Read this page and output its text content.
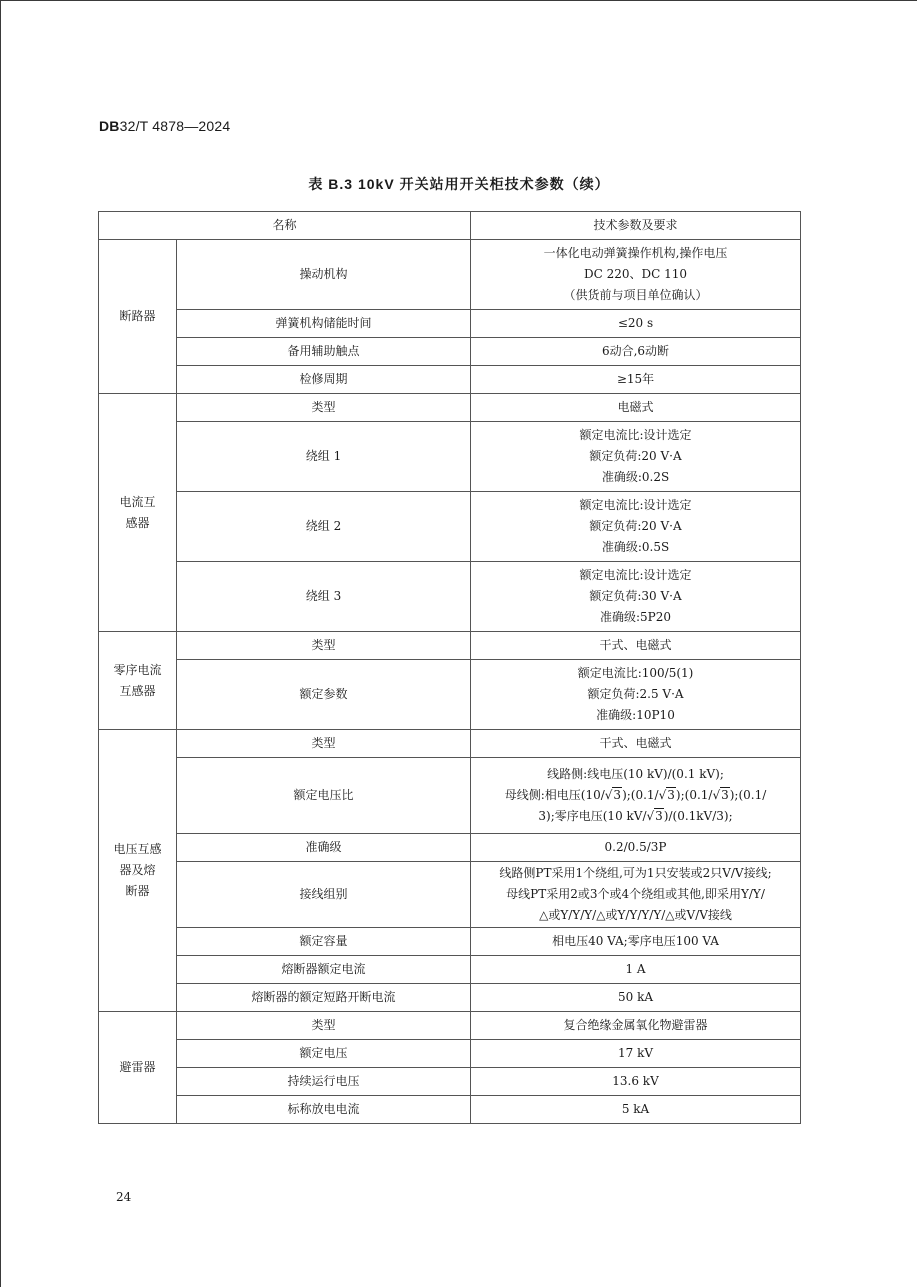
DB32/T 4878—2024
表 B.3 10kV 开关站用开关柜技术参数（续）
名称		技术参数及要求
断路器	操动机构	一体化电动弹簧操作机构,操作电压
DC 220、DC 110
（供货前与项目单位确认）

	弹簧机构储能时间	≤20 s
	备用辅助触点	6动合,6动断
	检修周期	≥15年

电流互
感器	类型	电磁式
	绕组 1	额定电流比:设计选定
额定负荷:20 V·A
准确级:0.2S

	绕组 2	额定电流比:设计选定
额定负荷:20 V·A
准确级:0.5S

	绕组 3	额定电流比:设计选定
额定负荷:30 V·A
准确级:5P20

零序电流
互感器	类型	干式、电磁式
	额定参数	额定电流比:100/5(1)
额定负荷:2.5 V·A
准确级:10P10

电压互感
器及熔
断器	类型	干式、电磁式
	额定电压比	线路侧:线电压(10 kV)/(0.1 kV);
母线侧:相电压(10/√3);(0.1/√3);(0.1/√3);(0.1/
3);零序电压(10 kV/√3)/(0.1kV/3);

	准确级	0.2/0.5/3P
	接线组别	线路侧PT采用1个绕组,可为1只安装或2只V/V接线;
母线PT采用2或3个或4个绕组或其他,即采用Y/Y/
△或Y/Y/Y/△或Y/Y/Y/Y/△或V/V接线

	额定容量	相电压40 VA;零序电压100 VA
	熔断器额定电流	1 A
	熔断器的额定短路开断电流	50 kA
避雷器	类型	复合绝缘金属氧化物避雷器
	额定电压	17 kV
	持续运行电压	13.6 kV
	标称放电电流	5 kA
24
